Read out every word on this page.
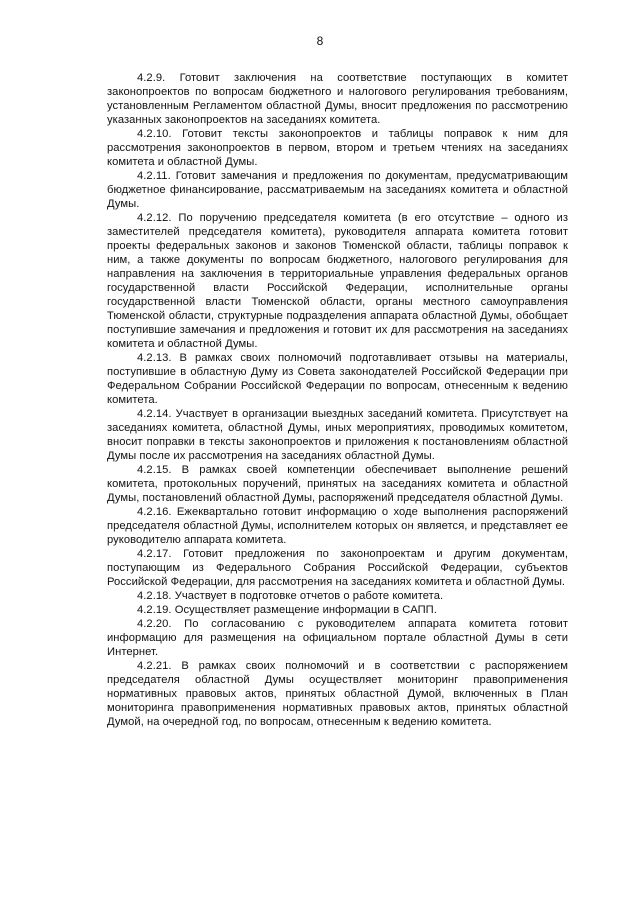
8

4.2.9. Готовит заключения на соответствие поступающих в комитет законопроектов по вопросам бюджетного и налогового регулирования требованиям, установленным Регламентом областной Думы, вносит предложения по рассмотрению указанных законопроектов на заседаниях комитета.

4.2.10. Готовит тексты законопроектов и таблицы поправок к ним для рассмотрения законопроектов в первом, втором и третьем чтениях на заседаниях комитета и областной Думы.

4.2.11. Готовит замечания и предложения по документам, предусматривающим бюджетное финансирование, рассматриваемым на заседаниях комитета и областной Думы.

4.2.12. По поручению председателя комитета (в его отсутствие – одного из заместителей председателя комитета), руководителя аппарата комитета готовит проекты федеральных законов и законов Тюменской области, таблицы поправок к ним, а также документы по вопросам бюджетного, налогового регулирования для направления на заключения в территориальные управления федеральных органов государственной власти Российской Федерации, исполнительные органы государственной власти Тюменской области, органы местного самоуправления Тюменской области, структурные подразделения аппарата областной Думы, обобщает поступившие замечания и предложения и готовит их для рассмотрения на заседаниях комитета и областной Думы.

4.2.13. В рамках своих полномочий подготавливает отзывы на материалы, поступившие в областную Думу из Совета законодателей Российской Федерации при Федеральном Собрании Российской Федерации по вопросам, отнесенным к ведению комитета.

4.2.14. Участвует в организации выездных заседаний комитета. Присутствует на заседаниях комитета, областной Думы, иных мероприятиях, проводимых комитетом, вносит поправки в тексты законопроектов и приложения к постановлениям областной Думы после их рассмотрения на заседаниях областной Думы.

4.2.15. В рамках своей компетенции обеспечивает выполнение решений комитета, протокольных поручений, принятых на заседаниях комитета и областной Думы, постановлений областной Думы, распоряжений председателя областной Думы.

4.2.16. Ежеквартально готовит информацию о ходе выполнения распоряжений председателя областной Думы, исполнителем которых он является, и представляет ее руководителю аппарата комитета.

4.2.17. Готовит предложения по законопроектам и другим документам, поступающим из Федерального Собрания Российской Федерации, субъектов Российской Федерации, для рассмотрения на заседаниях комитета и областной Думы.

4.2.18. Участвует в подготовке отчетов о работе комитета.

4.2.19. Осуществляет размещение информации в САПП.

4.2.20. По согласованию с руководителем аппарата комитета готовит информацию для размещения на официальном портале областной Думы в сети Интернет.

4.2.21. В рамках своих полномочий и в соответствии с распоряжением председателя областной Думы осуществляет мониторинг правоприменения нормативных правовых актов, принятых областной Думой, включенных в План мониторинга правоприменения нормативных правовых актов, принятых областной Думой, на очередной год, по вопросам, отнесенным к ведению комитета.
